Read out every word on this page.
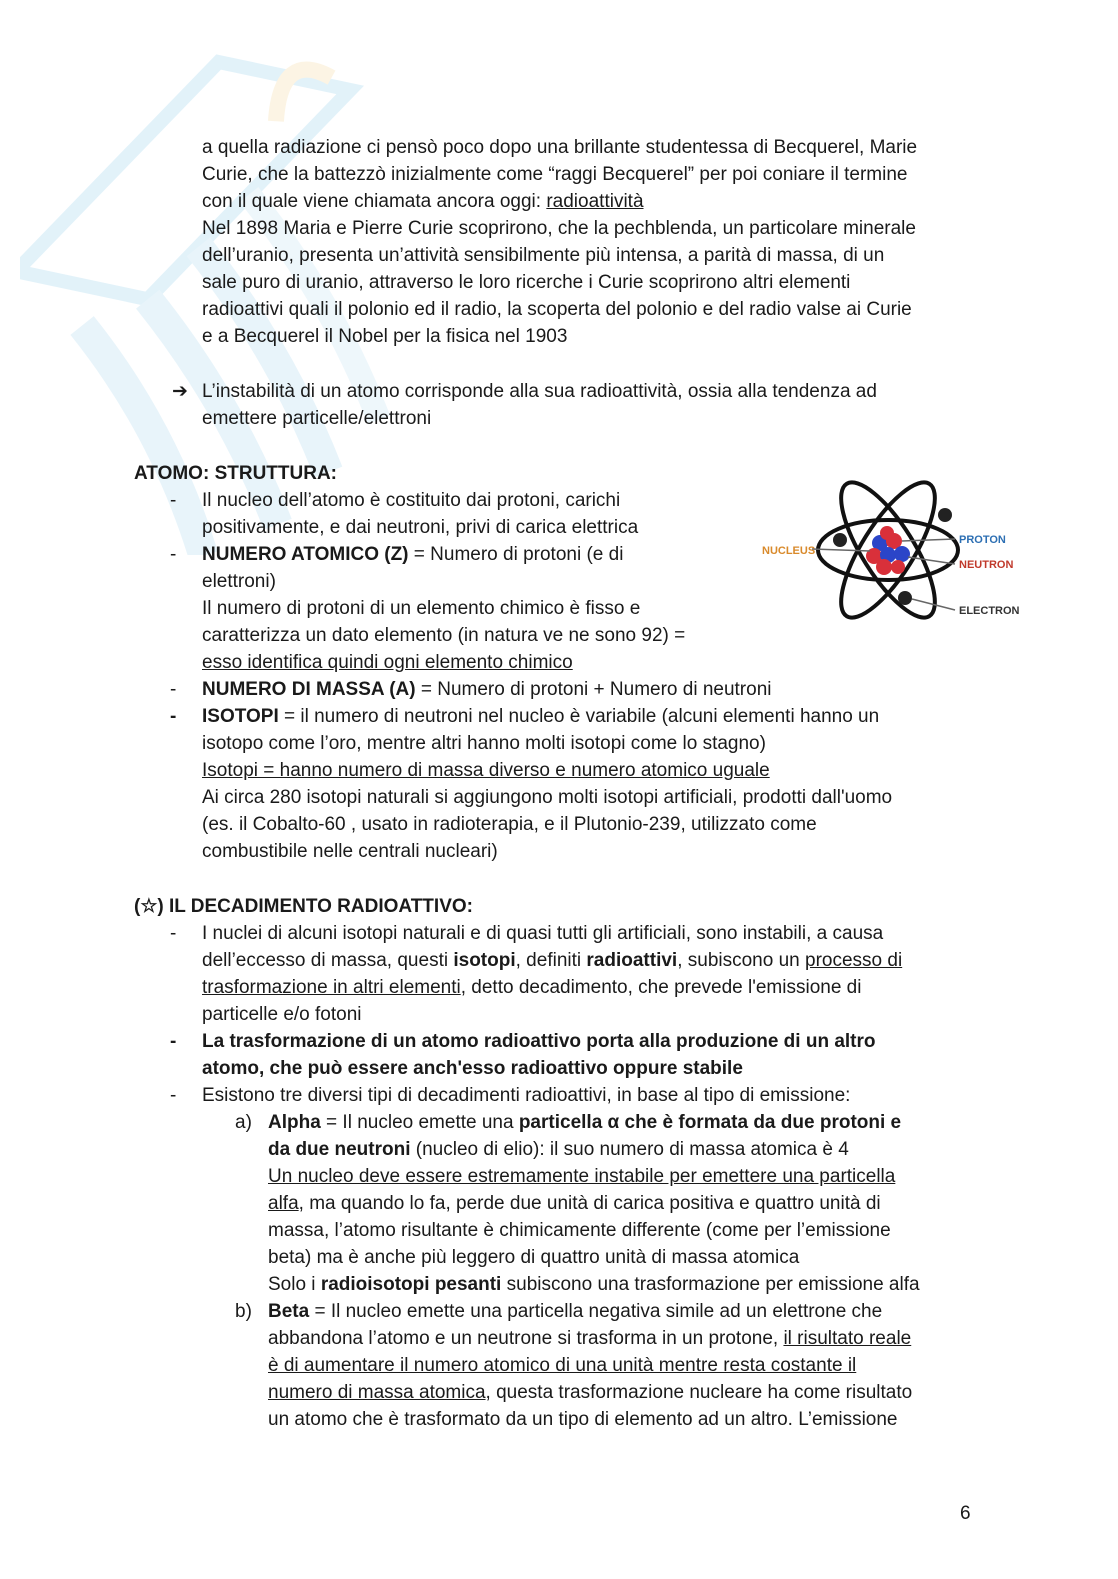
a quella radiazione ci pensò poco dopo una brillante studentessa di Becquerel, Marie

Curie, che la battezzò inizialmente come “raggi Becquerel” per poi coniare il termine

con il quale viene chiamata ancora oggi: radioattività

Nel 1898 Maria e Pierre Curie scoprirono, che la pechblenda, un particolare minerale

dell’uranio, presenta un’attività sensibilmente più intensa, a parità di massa, di un

sale puro di uranio, attraverso le loro ricerche i Curie scoprirono altri elementi

radioattivi quali il polonio ed il radio, la scoperta del polonio e del radio valse ai Curie

e a Becquerel il Nobel per la fisica nel 1903

➔ L’instabilità di un atomo corrisponde alla sua radioattività, ossia alla tendenza ad

emettere particelle/elettroni

ATOMO: STRUTTURA:

-	Il nucleo dell’atomo è costituito dai protoni, carichi

positivamente, e dai neutroni, privi di carica elettrica

-	NUMERO ATOMICO (Z) = Numero di protoni (e di

elettroni)

Il numero di protoni di un elemento chimico è fisso e

caratterizza un dato elemento (in natura ve ne sono 92) =

esso identifica quindi ogni elemento chimico

-	NUMERO DI MASSA (A) = Numero di protoni + Numero di neutroni

-	ISOTOPI = il numero di neutroni nel nucleo è variabile (alcuni elementi hanno un

isotopo come l’oro, mentre altri hanno molti isotopi come lo stagno)

Isotopi = hanno numero di massa diverso e numero atomico uguale

Ai circa 280 isotopi naturali si aggiungono molti isotopi artificiali, prodotti dall'uomo

(es. il Cobalto-60 , usato in radioterapia, e il Plutonio-239, utilizzato come

combustibile nelle centrali nucleari)

NUCLEUS
PROTON
NEUTRON
ELECTRON

(☆) IL DECADIMENTO RADIOATTIVO:

-	I nuclei di alcuni isotopi naturali e di quasi tutti gli artificiali, sono instabili, a causa

dell’eccesso di massa, questi isotopi, definiti radioattivi, subiscono un processo di

trasformazione in altri elementi, detto decadimento, che prevede l'emissione di

particelle e/o fotoni

-	La trasformazione di un atomo radioattivo porta alla produzione di un altro

atomo, che può essere anch'esso radioattivo oppure stabile

-	Esistono tre diversi tipi di decadimenti radioattivi, in base al tipo di emissione:

a) Alpha = Il nucleo emette una particella α che è formata da due protoni e

da due neutroni (nucleo di elio): il suo numero di massa atomica è 4

Un nucleo deve essere estremamente instabile per emettere una particella

alfa, ma quando lo fa, perde due unità di carica positiva e quattro unità di

massa, l’atomo risultante è chimicamente differente (come per l’emissione

beta) ma è anche più leggero di quattro unità di massa atomica

Solo i radioisotopi pesanti subiscono una trasformazione per emissione alfa

b) Beta = Il nucleo emette una particella negativa simile ad un elettrone che

abbandona l’atomo e un neutrone si trasforma in un protone, il risultato reale

è di aumentare il numero atomico di una unità mentre resta costante il

numero di massa atomica, questa trasformazione nucleare ha come risultato

un atomo che è trasformato da un tipo di elemento ad un altro. L’emissione

6
